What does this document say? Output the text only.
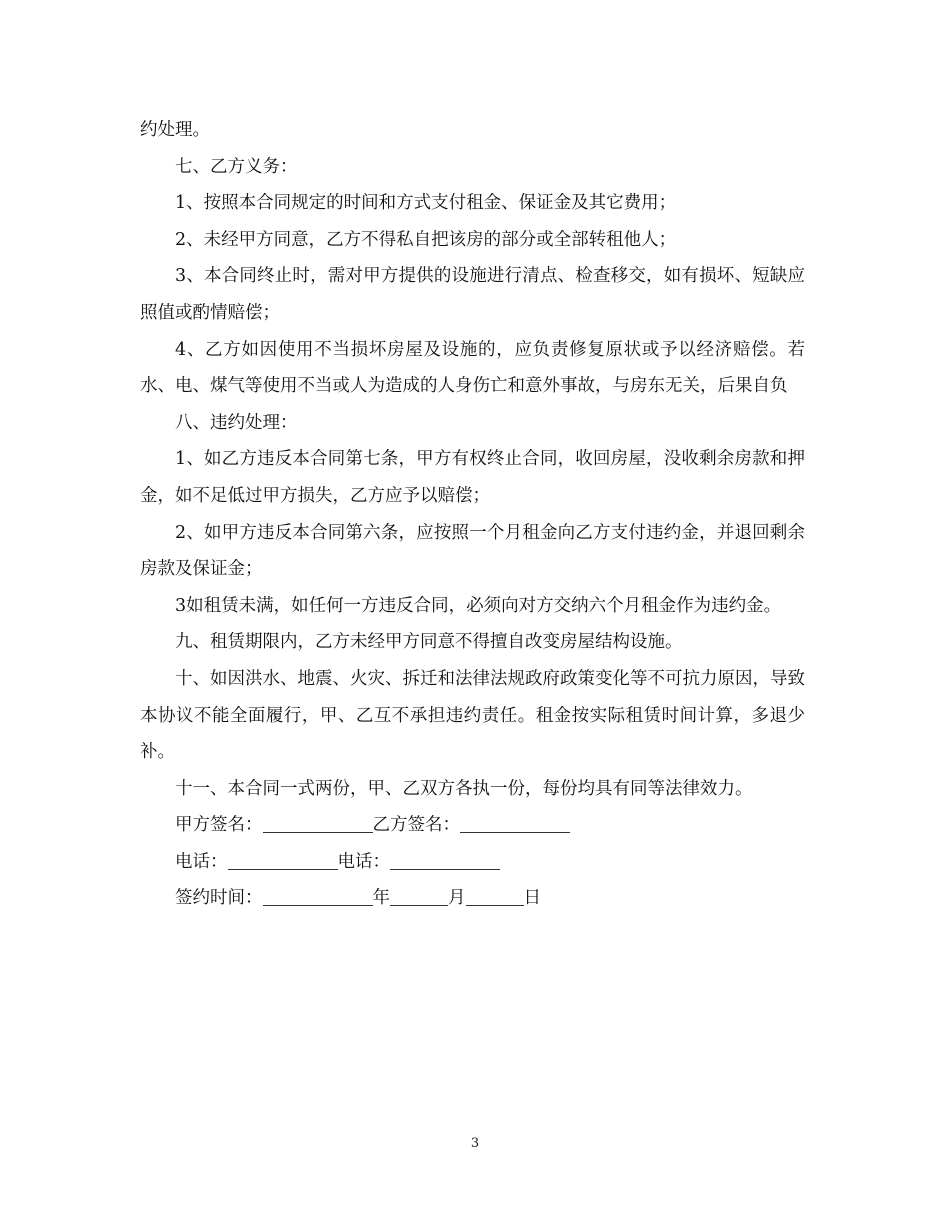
约处理。

七、乙方义务：

1、按照本合同规定的时间和方式支付租金、保证金及其它费用；

2、未经甲方同意，乙方不得私自把该房的部分或全部转租他人；

3、本合同终止时，需对甲方提供的设施进行清点、检查移交，如有损坏、短缺应照值或酌情赔偿；

4、乙方如因使用不当损坏房屋及设施的，应负责修复原状或予以经济赔偿。若水、电、煤气等使用不当或人为造成的人身伤亡和意外事故，与房东无关，后果自负

八、违约处理：

1、如乙方违反本合同第七条，甲方有权终止合同，收回房屋，没收剩余房款和押金，如不足低过甲方损失，乙方应予以赔偿；

2、如甲方违反本合同第六条，应按照一个月租金向乙方支付违约金，并退回剩余房款及保证金；

3如租赁未满，如任何一方违反合同，必须向对方交纳六个月租金作为违约金。

九、租赁期限内，乙方未经甲方同意不得擅自改变房屋结构设施。

十、如因洪水、地震、火灾、拆迁和法律法规政府政策变化等不可抗力原因，导致本协议不能全面履行，甲、乙互不承担违约责任。租金按实际租赁时间计算，多退少补。

十一、本合同一式两份，甲、乙双方各执一份，每份均具有同等法律效力。

甲方签名：	乙方签名：

电话：	电话：

签约时间：	年	月	日

3
